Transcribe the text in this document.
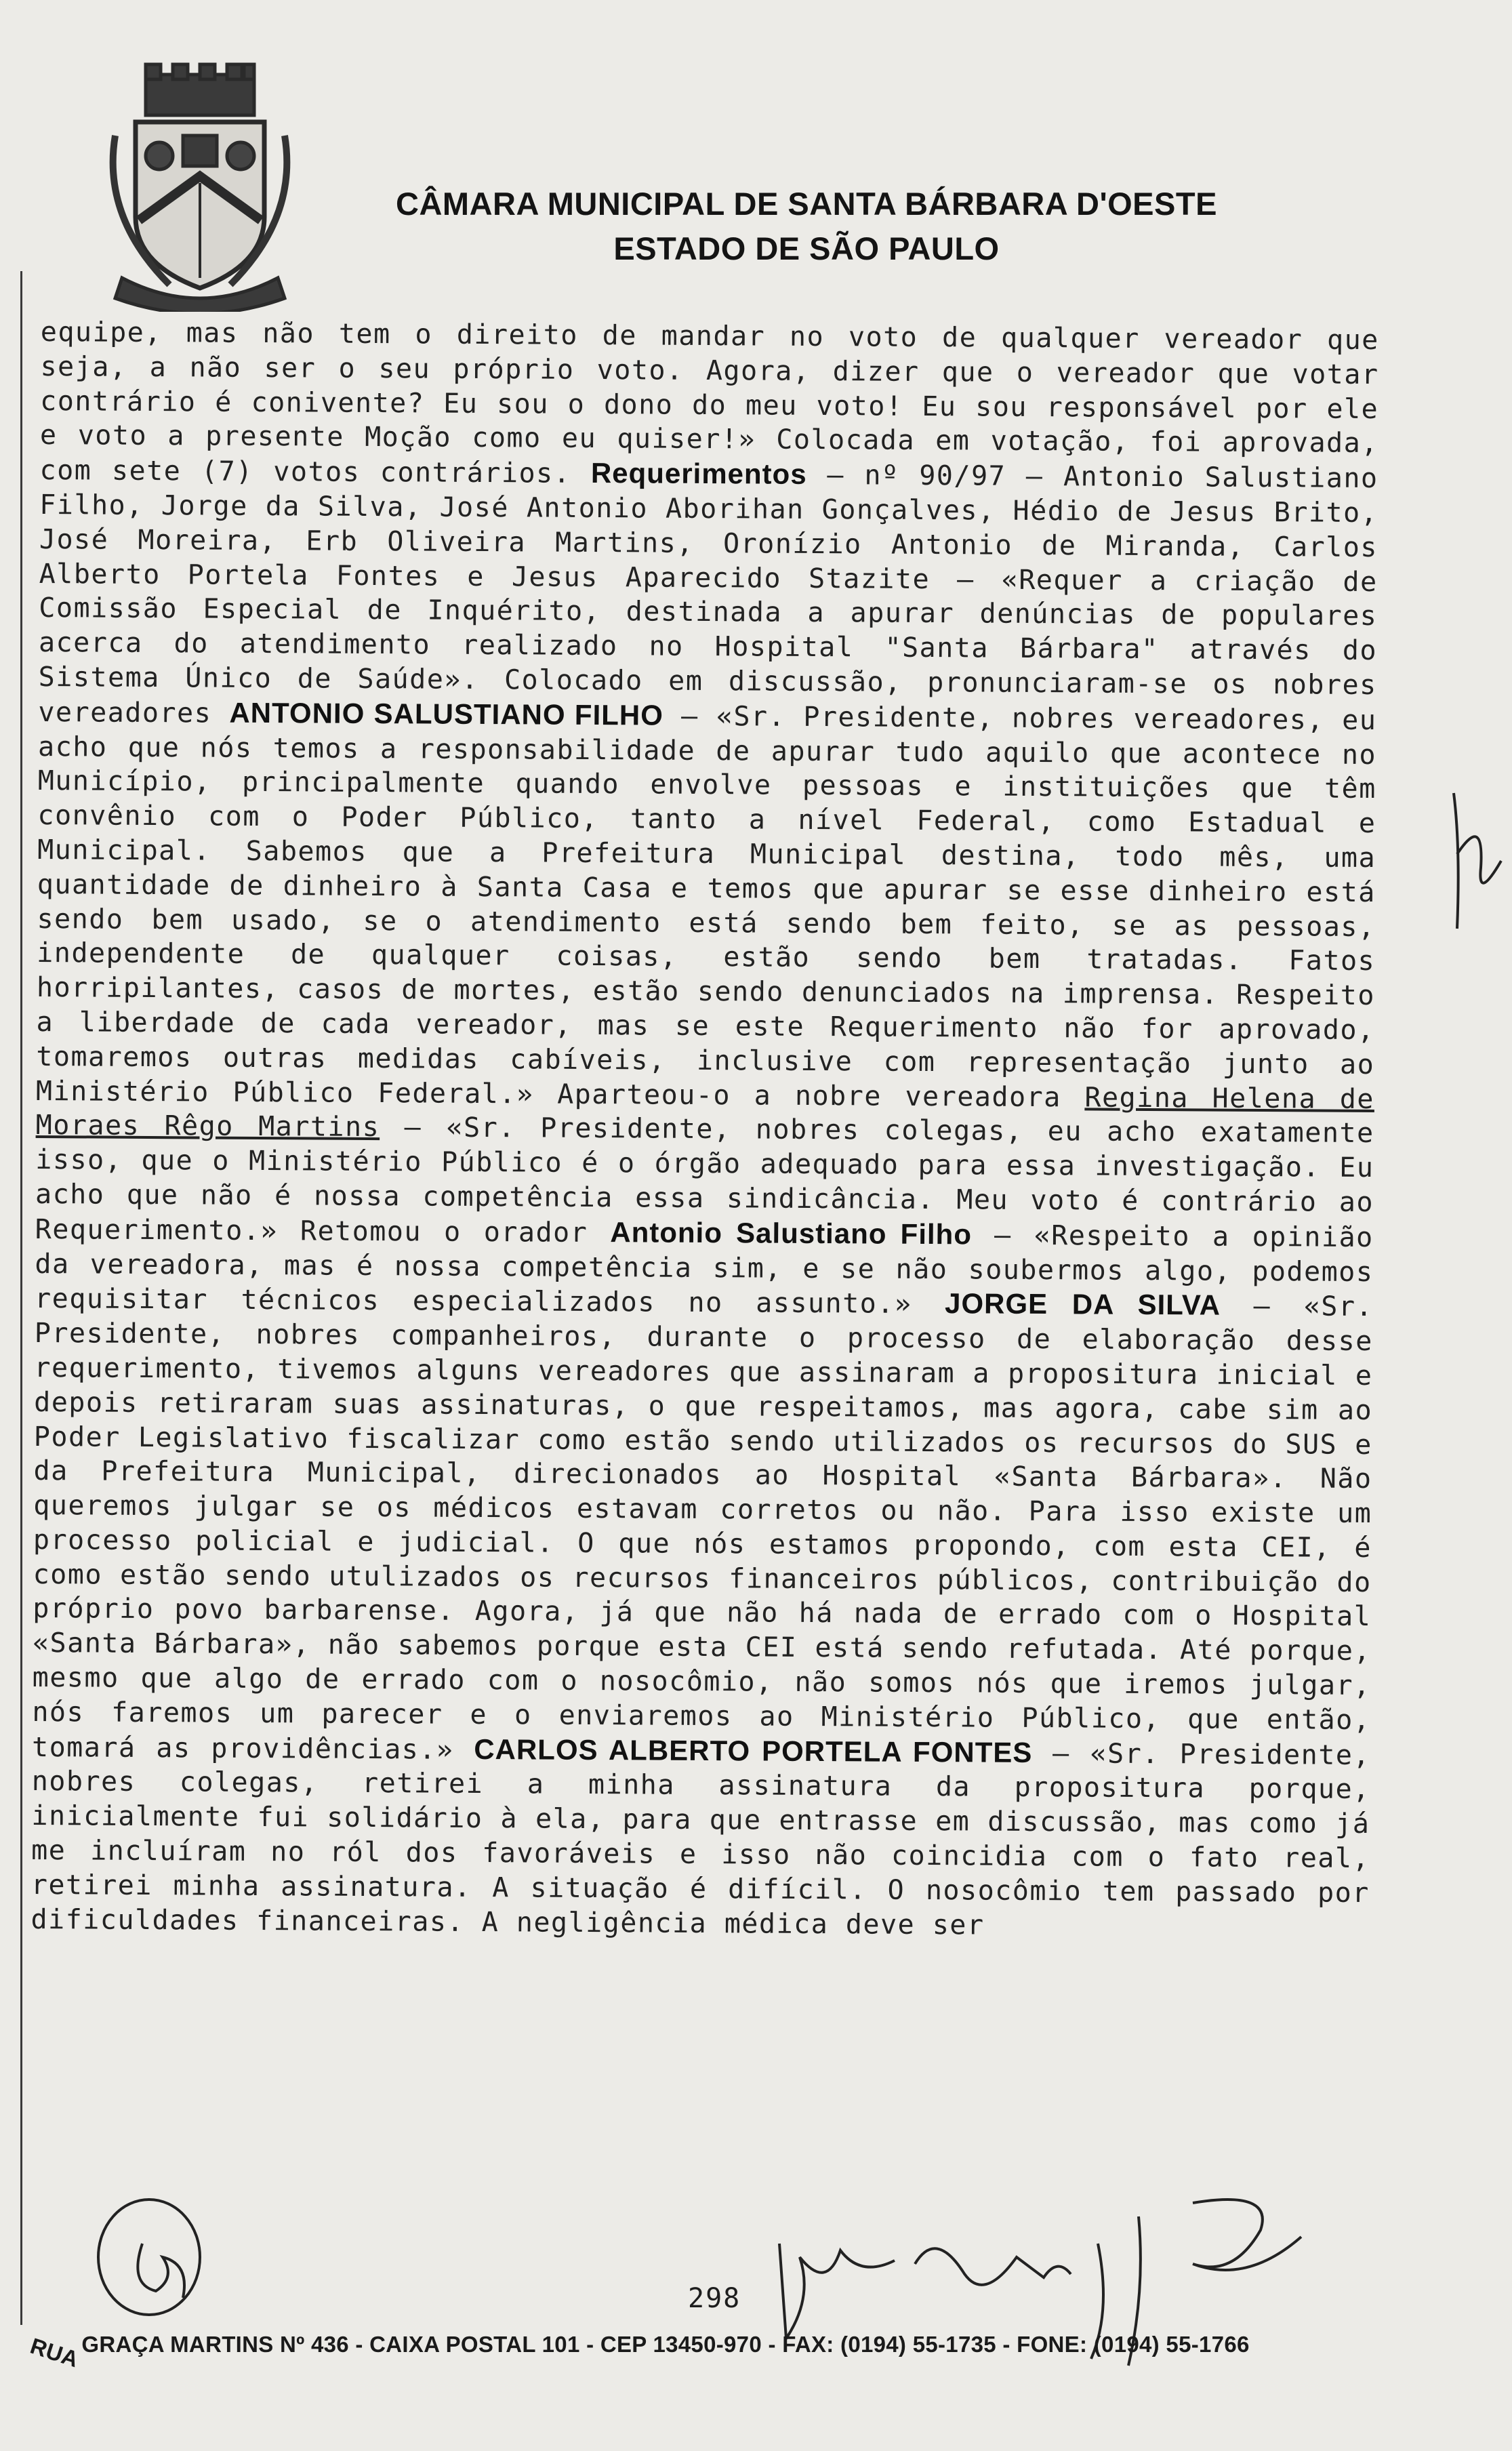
CÂMARA MUNICIPAL DE SANTA BÁRBARA D'OESTE
ESTADO DE SÃO PAULO

equipe, mas não tem o direito de mandar no voto de qualquer vereador que seja, a não ser o seu próprio voto. Agora, dizer que o vereador que votar contrário é conivente? Eu sou o dono do meu voto! Eu sou responsável por ele e voto a presente Moção como eu quiser!» Colocada em votação, foi aprovada, com sete (7) votos contrários. Requerimentos – nº 90/97 – Antonio Salustiano Filho, Jorge da Silva, José Antonio Aborihan Gonçalves, Hédio de Jesus Brito, José Moreira, Erb Oliveira Martins, Oronízio Antonio de Miranda, Carlos Alberto Portela Fontes e Jesus Aparecido Stazite – «Requer a criação de Comissão Especial de Inquérito, destinada a apurar denúncias de populares acerca do atendimento realizado no Hospital "Santa Bárbara" através do Sistema Único de Saúde». Colocado em discussão, pronunciaram-se os nobres vereadores ANTONIO SALUSTIANO FILHO – «Sr. Presidente, nobres vereadores, eu acho que nós temos a responsabilidade de apurar tudo aquilo que acontece no Município, principalmente quando envolve pessoas e instituições que têm convênio com o Poder Público, tanto a nível Federal, como Estadual e Municipal. Sabemos que a Prefeitura Municipal destina, todo mês, uma quantidade de dinheiro à Santa Casa e temos que apurar se esse dinheiro está sendo bem usado, se o atendimento está sendo bem feito, se as pessoas, independente de qualquer coisas, estão sendo bem tratadas. Fatos horripilantes, casos de mortes, estão sendo denunciados na imprensa. Respeito a liberdade de cada vereador, mas se este Requerimento não for aprovado, tomaremos outras medidas cabíveis, inclusive com representação junto ao Ministério Público Federal.» Aparteou-o a nobre vereadora Regina Helena de Moraes Rêgo Martins – «Sr. Presidente, nobres colegas, eu acho exatamente isso, que o Ministério Público é o órgão adequado para essa investigação. Eu acho que não é nossa competência essa sindicância. Meu voto é contrário ao Requerimento.» Retomou o orador Antonio Salustiano Filho – «Respeito a opinião da vereadora, mas é nossa competência sim, e se não soubermos algo, podemos requisitar técnicos especializados no assunto.» JORGE DA SILVA – «Sr. Presidente, nobres companheiros, durante o processo de elaboração desse requerimento, tivemos alguns vereadores que assinaram a propositura inicial e depois retiraram suas assinaturas, o que respeitamos, mas agora, cabe sim ao Poder Legislativo fiscalizar como estão sendo utilizados os recursos do SUS e da Prefeitura Municipal, direcionados ao Hospital «Santa Bárbara». Não queremos julgar se os médicos estavam corretos ou não. Para isso existe um processo policial e judicial. O que nós estamos propondo, com esta CEI, é como estão sendo utulizados os recursos financeiros públicos, contribuição do próprio povo barbarense. Agora, já que não há nada de errado com o Hospital «Santa Bárbara», não sabemos porque esta CEI está sendo refutada. Até porque, mesmo que algo de errado com o nosocômio, não somos nós que iremos julgar, nós faremos um parecer e o enviaremos ao Ministério Público, que então, tomará as providências.» CARLOS ALBERTO PORTELA FONTES – «Sr. Presidente, nobres colegas, retirei a minha assinatura da propositura porque, inicialmente fui solidário à ela, para que entrasse em discussão, mas como já me incluíram no ról dos favoráveis e isso não coincidia com o fato real, retirei minha assinatura. A situação é difícil. O nosocômio tem passado por dificuldades financeiras. A negligência médica deve ser

298
RUAGRAÇA MARTINS Nº 436 - CAIXA POSTAL 101 - CEP 13450-970 - FAX: (0194) 55-1735 - FONE: (0194) 55-1766
